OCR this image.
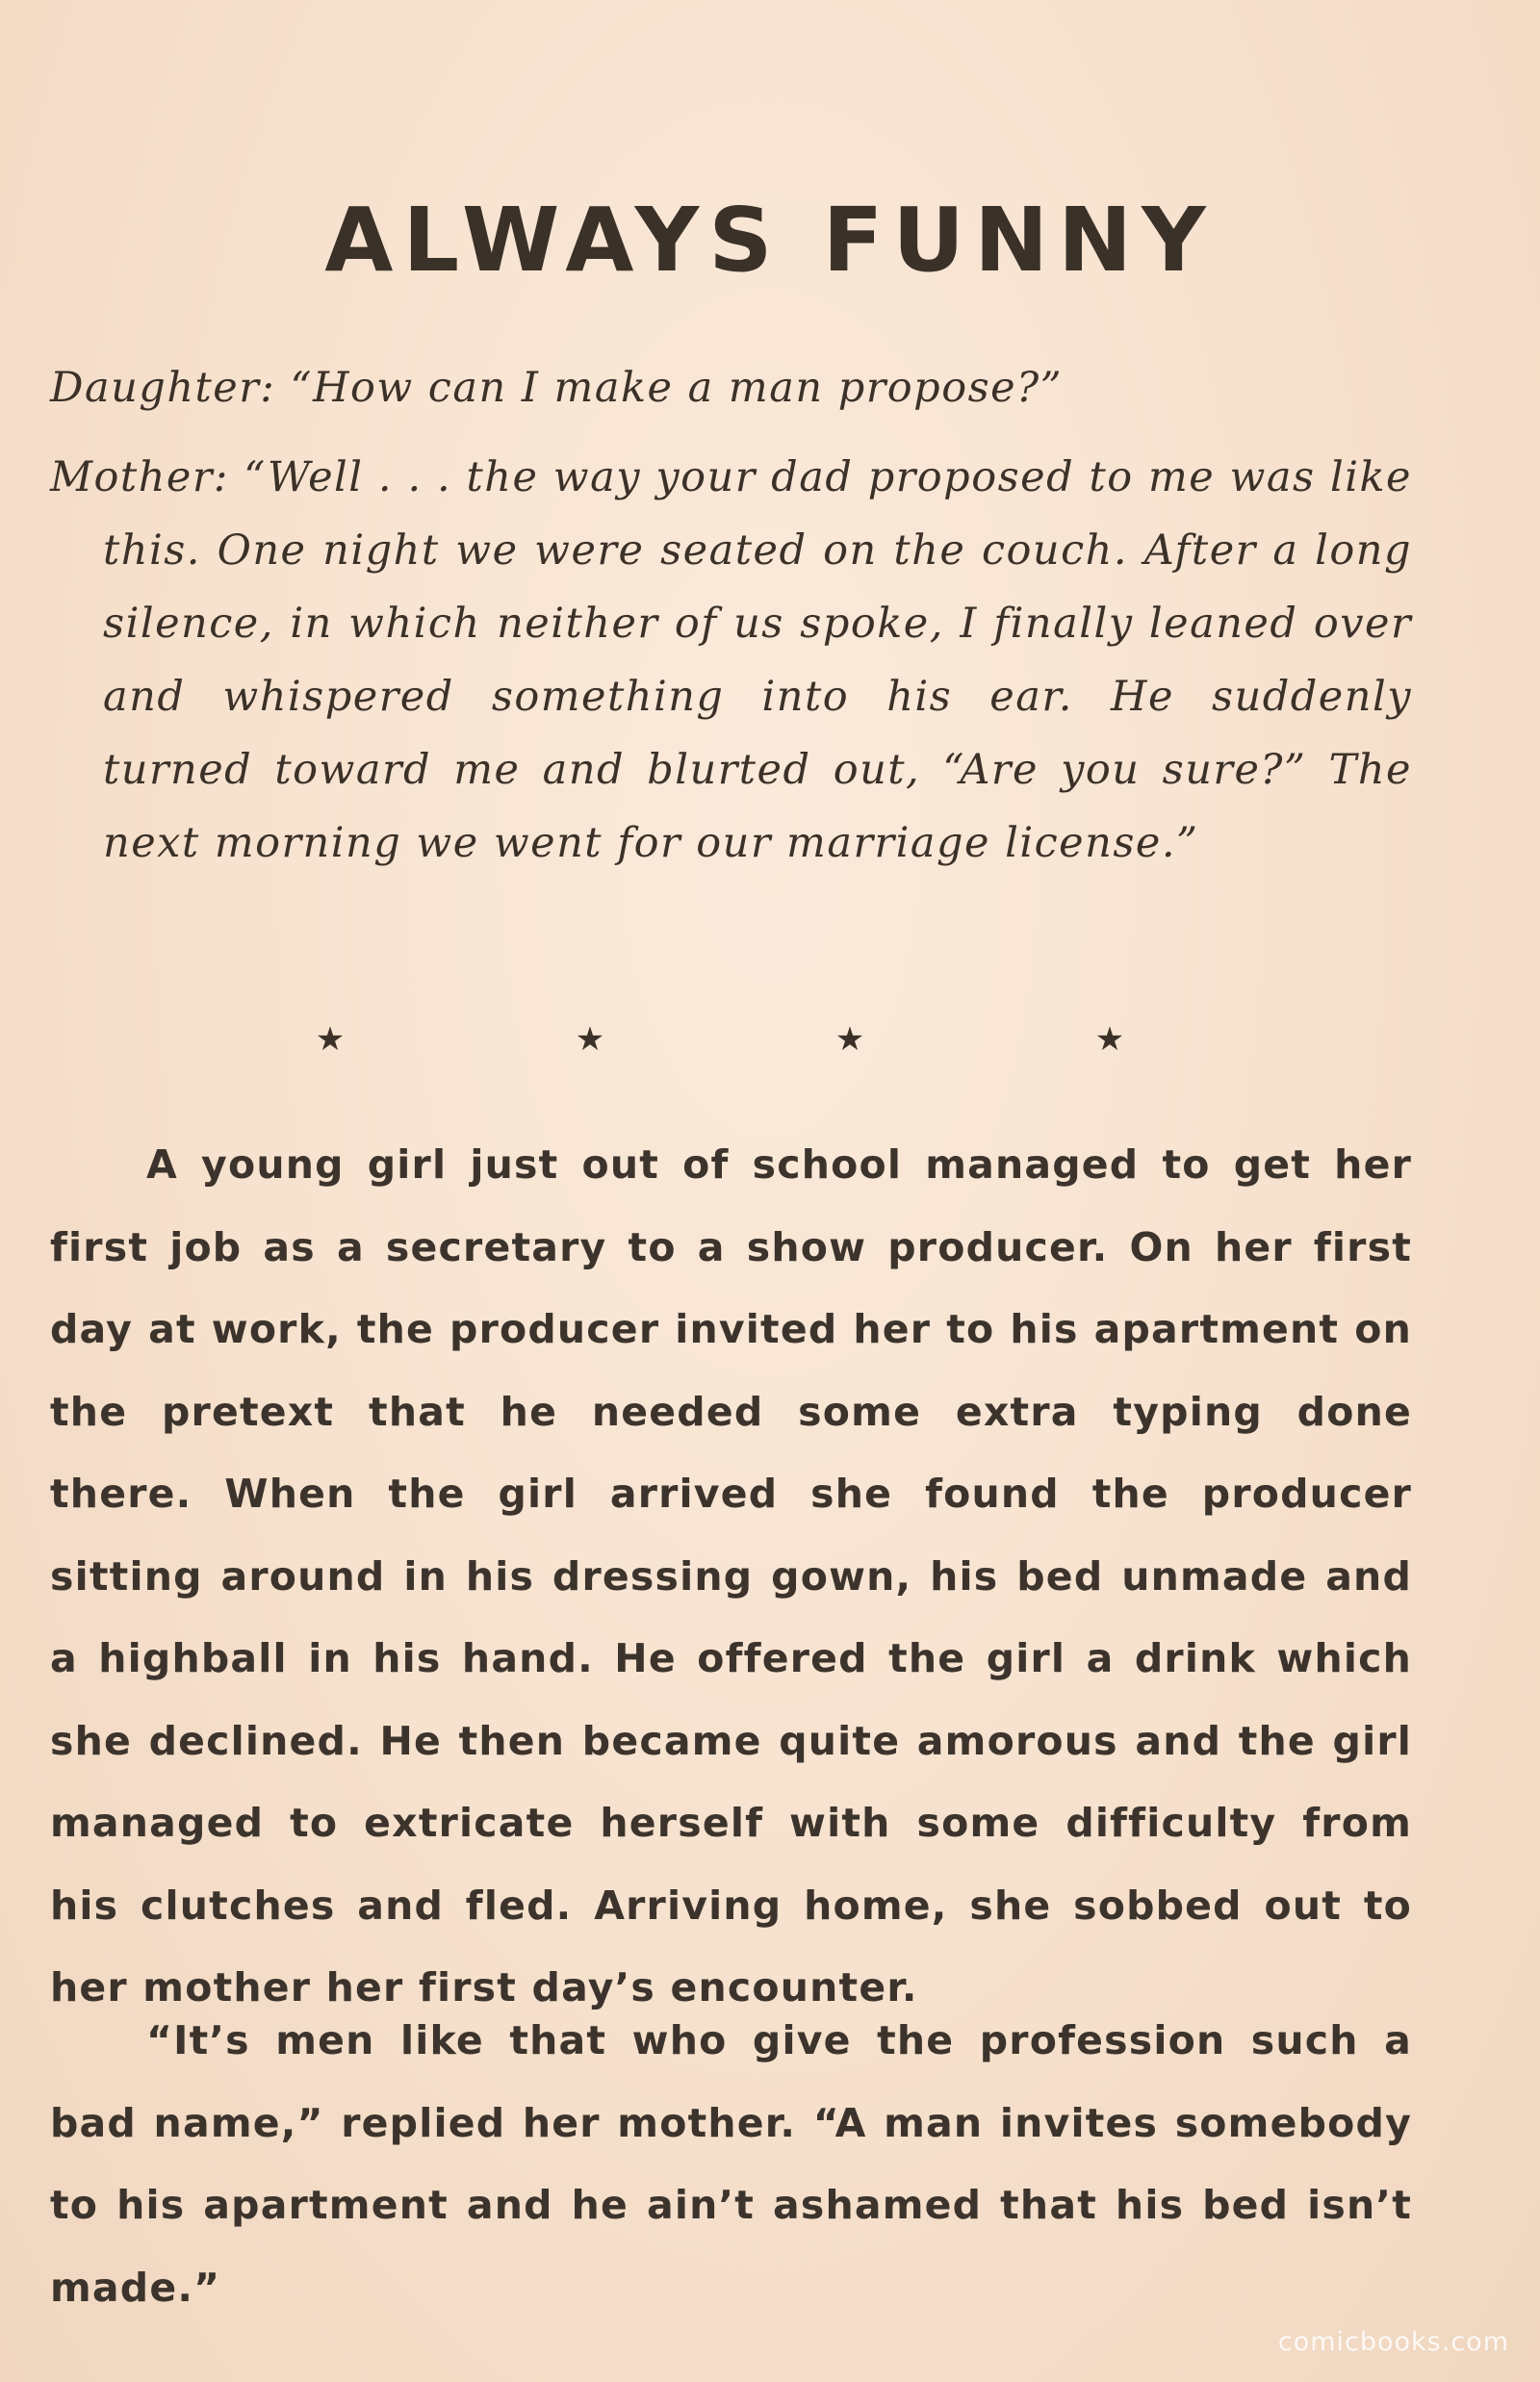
ALWAYS FUNNY

Daughter: “How can I make a man propose?”

Mother: “Well . . . the way your dad proposed to me was like this. One night we were seated on the couch. After a long silence, in which neither of us spoke, I finally leaned over and whispered something into his ear. He suddenly turned toward me and blurted out, “Are you sure?” The next morning we went for our marriage license.”

★	★	★	★

A young girl just out of school managed to get her first job as a secretary to a show producer. On her first day at work, the producer invited her to his apartment on the pretext that he needed some extra typing done there. When the girl arrived she found the producer sitting around in his dressing gown, his bed unmade and a highball in his hand. He offered the girl a drink which she declined. He then became quite amorous and the girl managed to extricate herself with some difficulty from his clutches and fled. Arriving home, she sobbed out to her mother her first day’s encounter.

“It’s men like that who give the profession such a bad name,” replied her mother. “A man invites somebody to his apartment and he ain’t ashamed that his bed isn’t made.”

comicbooks.com
